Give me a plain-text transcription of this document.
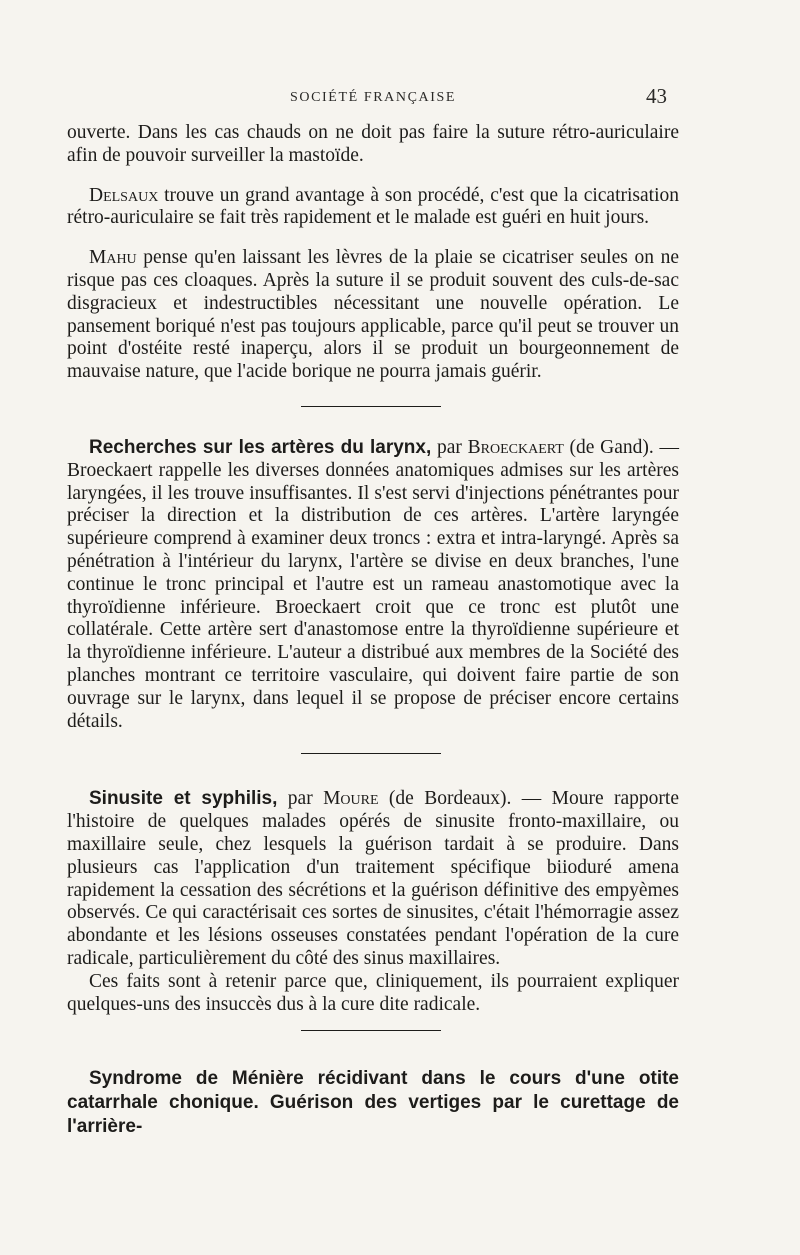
SOCIÉTÉ FRANÇAISE	43

ouverte. Dans les cas chauds on ne doit pas faire la suture rétro-auriculaire afin de pouvoir surveiller la mastoïde.

Delsaux trouve un grand avantage à son procédé, c'est que la cicatrisation rétro-auriculaire se fait très rapidement et le malade est guéri en huit jours.

Mahu pense qu'en laissant les lèvres de la plaie se cicatriser seules on ne risque pas ces cloaques. Après la suture il se produit souvent des culs-de-sac disgracieux et indestructibles nécessitant une nouvelle opération. Le pansement boriqué n'est pas toujours applicable, parce qu'il peut se trouver un point d'ostéite resté inaperçu, alors il se produit un bourgeonnement de mauvaise nature, que l'acide borique ne pourra jamais guérir.

Recherches sur les artères du larynx, par Broeckaert (de Gand). — Broeckaert rappelle les diverses données anatomiques admises sur les artères laryngées, il les trouve insuffisantes. Il s'est servi d'injections pénétrantes pour préciser la direction et la distribution de ces artères. L'artère laryngée supérieure comprend à examiner deux troncs : extra et intra-laryngé. Après sa pénétration à l'intérieur du larynx, l'artère se divise en deux branches, l'une continue le tronc principal et l'autre est un rameau anastomotique avec la thyroïdienne inférieure. Broeckaert croit que ce tronc est plutôt une collatérale. Cette artère sert d'anastomose entre la thyroïdienne supérieure et la thyroïdienne inférieure. L'auteur a distribué aux membres de la Société des planches montrant ce territoire vasculaire, qui doivent faire partie de son ouvrage sur le larynx, dans lequel il se propose de préciser encore certains détails.

Sinusite et syphilis, par Moure (de Bordeaux). — Moure rapporte l'histoire de quelques malades opérés de sinusite fronto-maxillaire, ou maxillaire seule, chez lesquels la guérison tardait à se produire. Dans plusieurs cas l'application d'un traitement spécifique biioduré amena rapidement la cessation des sécrétions et la guérison définitive des empyèmes observés. Ce qui caractérisait ces sortes de sinusites, c'était l'hémorragie assez abondante et les lésions osseuses constatées pendant l'opération de la cure radicale, particulièrement du côté des sinus maxillaires.

Ces faits sont à retenir parce que, cliniquement, ils pourraient expliquer quelques-uns des insuccès dus à la cure dite radicale.

Syndrome de Ménière récidivant dans le cours d'une otite catarrhale chonique. Guérison des vertiges par le curettage de l'arrière-
